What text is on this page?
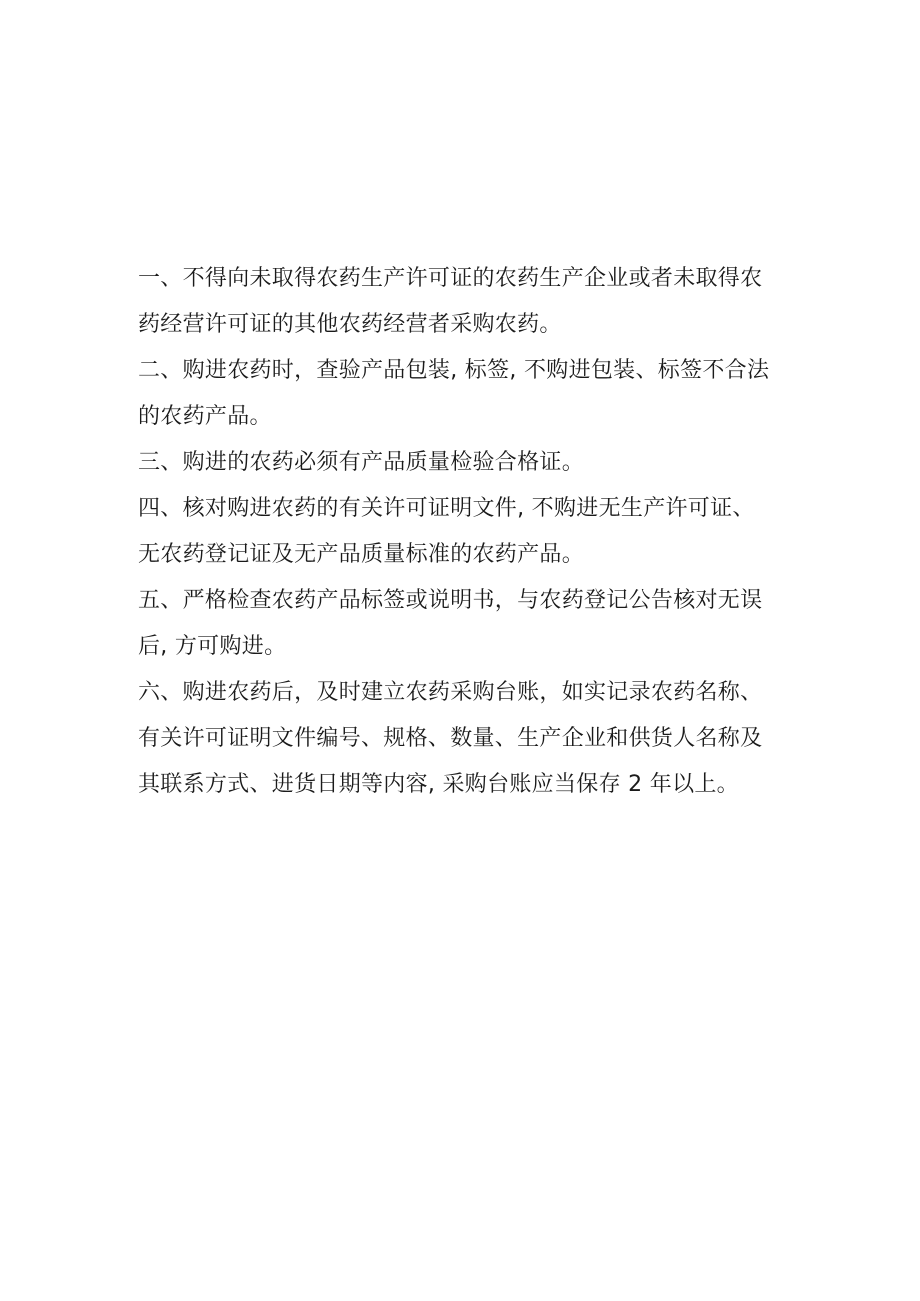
一、不得向未取得农药生产许可证的农药生产企业或者未取得农
药经营许可证的其他农药经营者采购农药。
二、购进农药时，查验产品包装, 标签, 不购进包装、标签不合法
的农药产品。
三、购进的农药必须有产品质量检验合格证。
四、核对购进农药的有关许可证明文件, 不购进无生产许可证、
无农药登记证及无产品质量标准的农药产品。
五、严格检查农药产品标签或说明书，与农药登记公告核对无误
后, 方可购进。
六、购进农药后，及时建立农药采购台账，如实记录农药名称、
有关许可证明文件编号、规格、数量、生产企业和供货人名称及
其联系方式、进货日期等内容, 采购台账应当保存 2 年以上。
